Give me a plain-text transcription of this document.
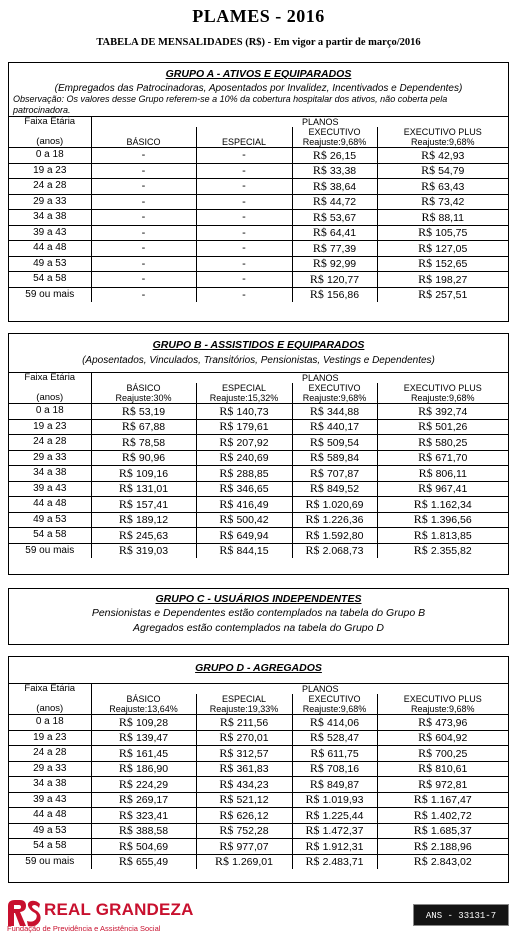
PLAMES - 2016
TABELA DE MENSALIDADES (R$) - Em vigor a partir de março/2016
GRUPO A - ATIVOS E EQUIPARADOS
(Empregados das Patrocinadoras, Aposentados por Invalidez, Incentivados e Dependentes)
Observação: Os valores desse Grupo referem-se a 10% da cobertura hospitalar dos ativos, não coberta pela patrocinadora.
Faixa Etária			PLANOS	
			EXECUTIVO	EXECUTIVO PLUS
(anos)	BÁSICO	ESPECIAL	Reajuste:9,68%	Reajuste:9,68%
0 a 18	-	-	R$ 26,15	R$ 42,93
19 a 23	-	-	R$ 33,38	R$ 54,79
24 a 28	-	-	R$ 38,64	R$ 63,43
29 a 33	-	-	R$ 44,72	R$ 73,42
34 a 38	-	-	R$ 53,67	R$ 88,11
39 a 43	-	-	R$ 64,41	R$ 105,75
44 a 48	-	-	R$ 77,39	R$ 127,05
49 a 53	-	-	R$ 92,99	R$ 152,65
54 a 58	-	-	R$ 120,77	R$ 198,27
59 ou mais	-	-	R$ 156,86	R$ 257,51
GRUPO B - ASSISTIDOS E EQUIPARADOS
(Aposentados, Vinculados, Transitórios, Pensionistas, Vestings e Dependentes)
Faixa Etária			PLANOS	
	BÁSICO	ESPECIAL	EXECUTIVO	EXECUTIVO PLUS
(anos)	Reajuste:30%	Reajuste:15,32%	Reajuste:9,68%	Reajuste:9,68%
0 a 18	R$ 53,19	R$ 140,73	R$ 344,88	R$ 392,74
19 a 23	R$ 67,88	R$ 179,61	R$ 440,17	R$ 501,26
24 a 28	R$ 78,58	R$ 207,92	R$ 509,54	R$ 580,25
29 a 33	R$ 90,96	R$ 240,69	R$ 589,84	R$ 671,70
34 a 38	R$ 109,16	R$ 288,85	R$ 707,87	R$ 806,11
39 a 43	R$ 131,01	R$ 346,65	R$ 849,52	R$ 967,41
44 a 48	R$ 157,41	R$ 416,49	R$ 1.020,69	R$ 1.162,34
49 a 53	R$ 189,12	R$ 500,42	R$ 1.226,36	R$ 1.396,56
54 a 58	R$ 245,63	R$ 649,94	R$ 1.592,80	R$ 1.813,85
59 ou mais	R$ 319,03	R$ 844,15	R$ 2.068,73	R$ 2.355,82
GRUPO C - USUÁRIOS INDEPENDENTES
Pensionistas e Dependentes estão contemplados na tabela do Grupo B
Agregados estão contemplados na tabela do Grupo D
GRUPO D - AGREGADOS
Faixa Etária			PLANOS	
	BÁSICO	ESPECIAL	EXECUTIVO	EXECUTIVO PLUS
(anos)	Reajuste:13,64%	Reajuste:19,33%	Reajuste:9,68%	Reajuste:9,68%
0 a 18	R$ 109,28	R$ 211,56	R$ 414,06	R$ 473,96
19 a 23	R$ 139,47	R$ 270,01	R$ 528,47	R$ 604,92
24 a 28	R$ 161,45	R$ 312,57	R$ 611,75	R$ 700,25
29 a 33	R$ 186,90	R$ 361,83	R$ 708,16	R$ 810,61
34 a 38	R$ 224,29	R$ 434,23	R$ 849,87	R$ 972,81
39 a 43	R$ 269,17	R$ 521,12	R$ 1.019,93	R$ 1.167,47
44 a 48	R$ 323,41	R$ 626,12	R$ 1.225,44	R$ 1.402,72
49 a 53	R$ 388,58	R$ 752,28	R$ 1.472,37	R$ 1.685,37
54 a 58	R$ 504,69	R$ 977,07	R$ 1.912,31	R$ 2.188,96
59 ou mais	R$ 655,49	R$ 1.269,01	R$ 2.483,71	R$ 2.843,02
REAL GRANDEZA
Fundação de Previdência e Assistência Social
ANS - 33131-7
